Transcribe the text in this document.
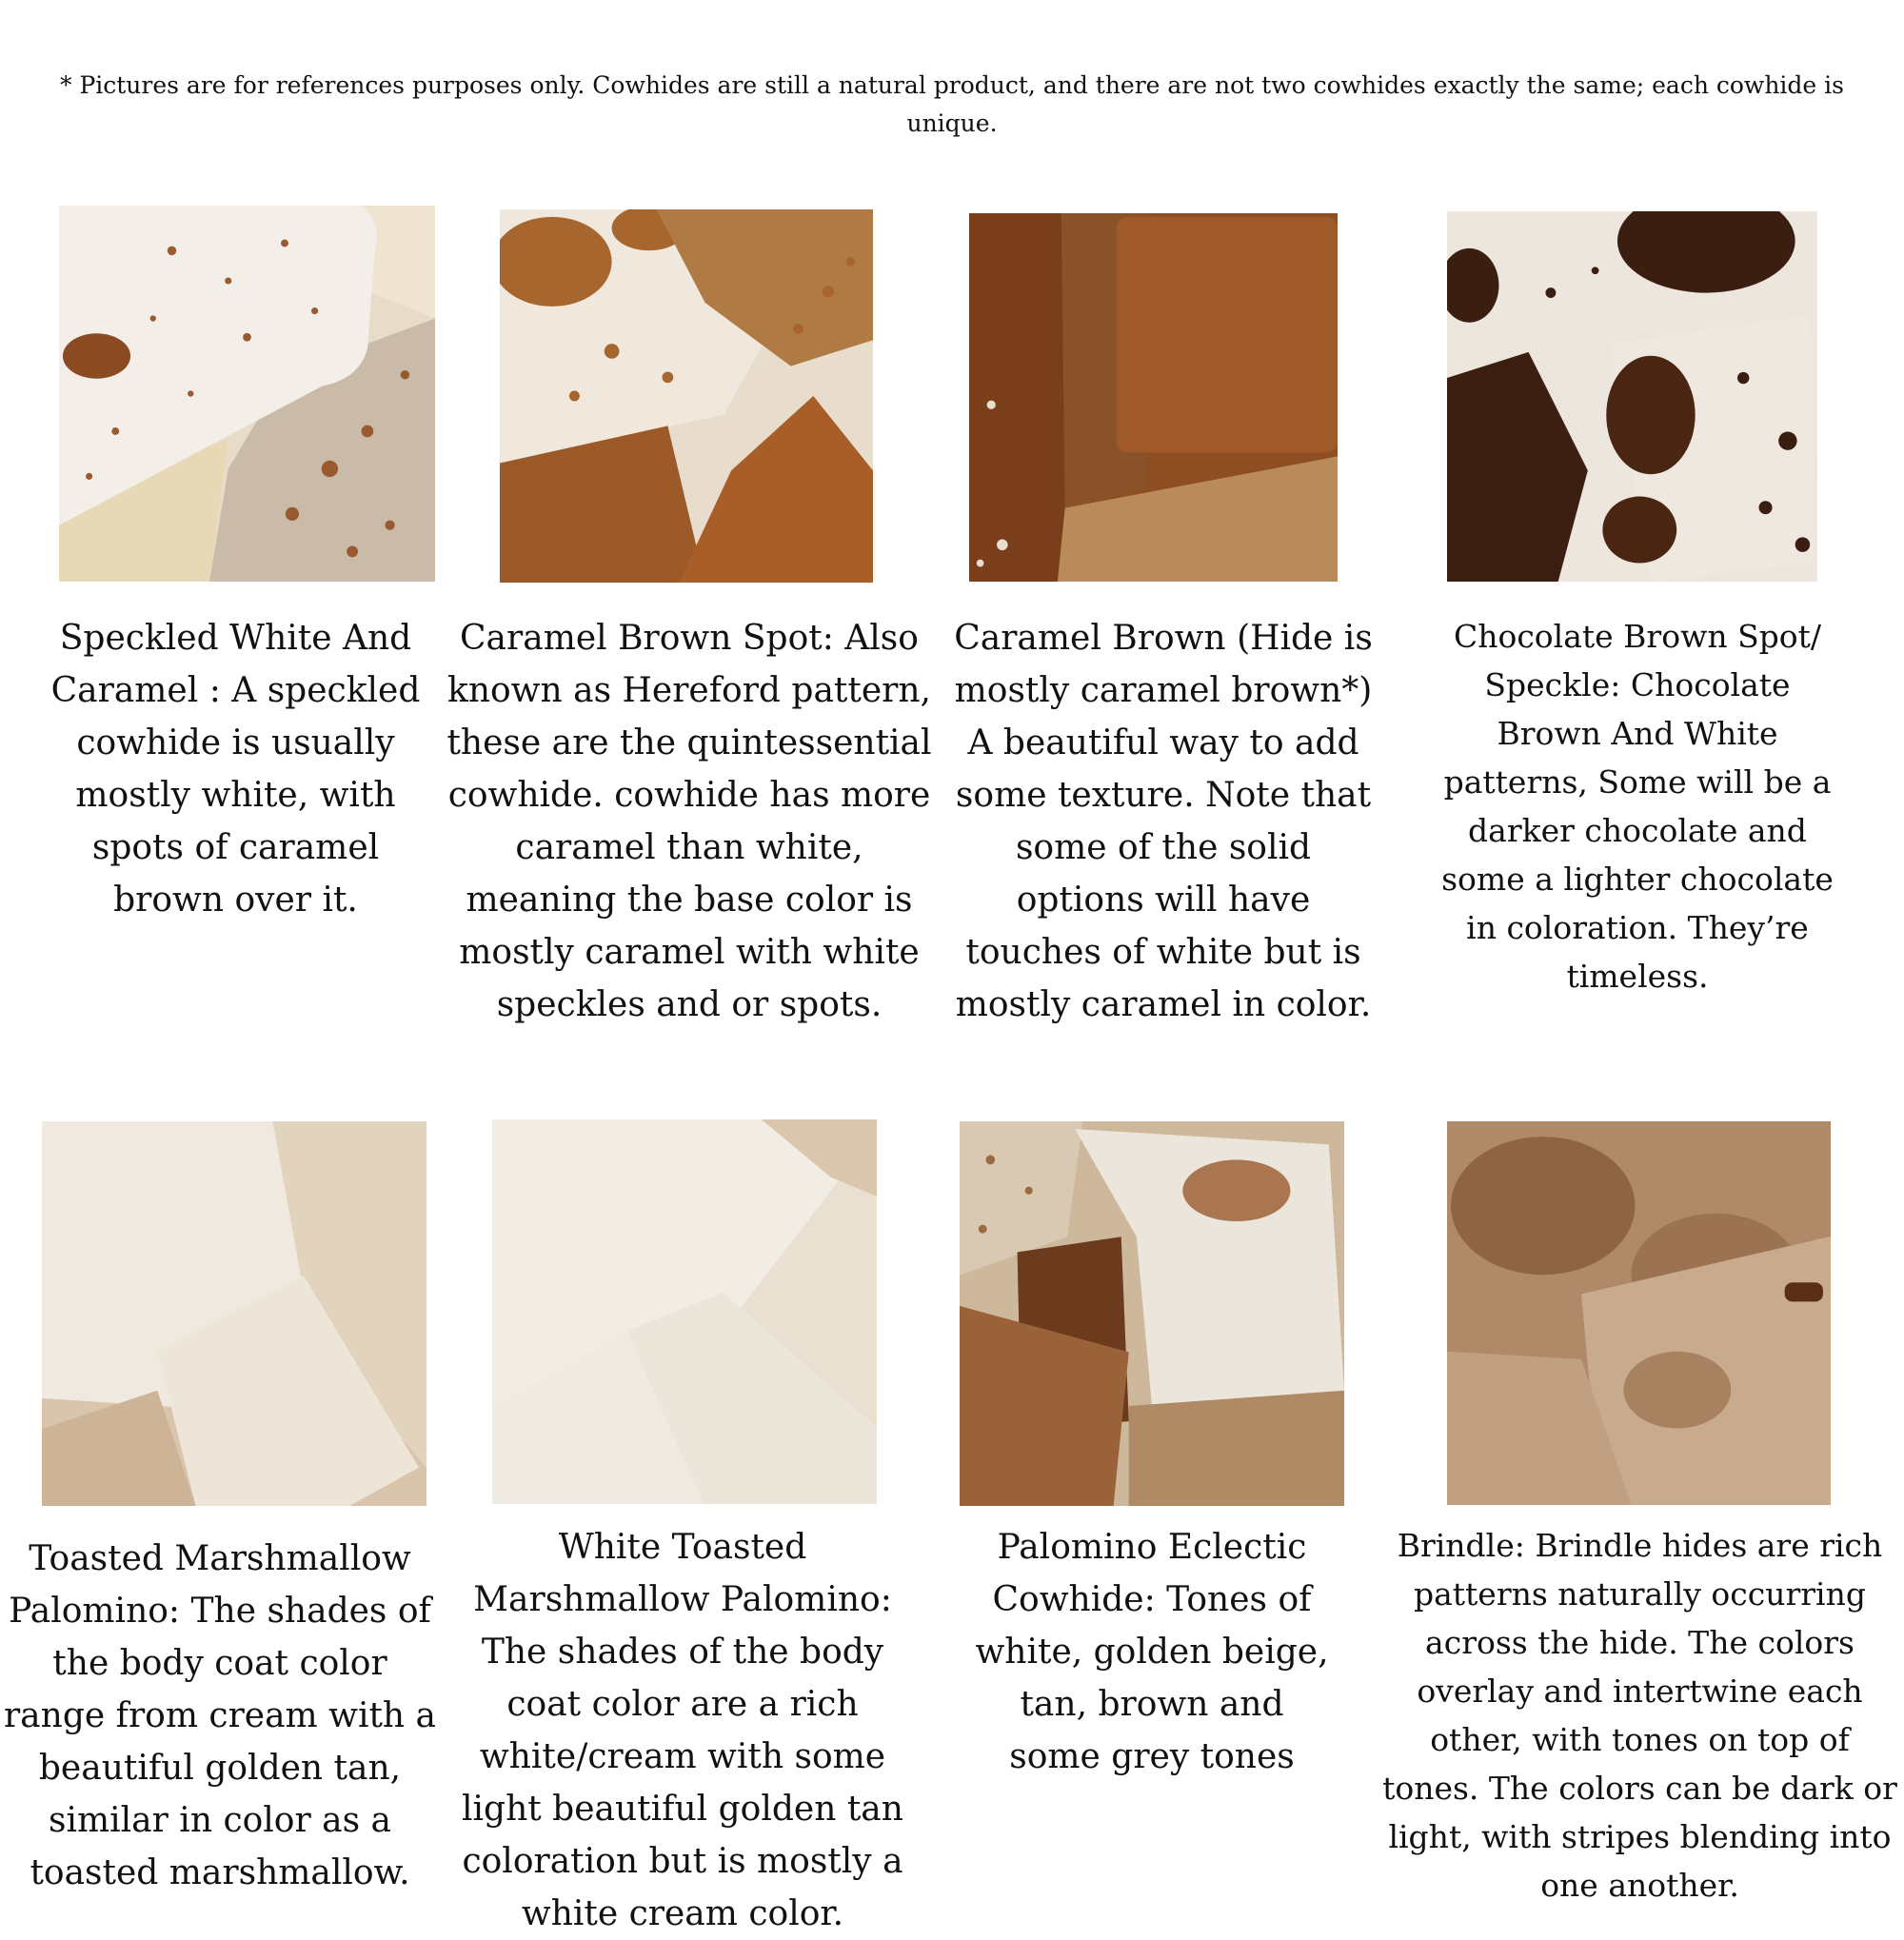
* Pictures are for references purposes only. Cowhides are still a natural product, and there are not two cowhides exactly the same; each cowhide is unique.
Speckled White And Caramel : A speckled cowhide is usually mostly white, with spots of caramel brown over it.
Caramel Brown Spot: Also known as Hereford pattern, these are the quintessential cowhide. cowhide has more caramel than white, meaning the base color is mostly caramel with white speckles and or spots.
Caramel Brown (Hide is mostly caramel brown*) A beautiful way to add some texture. Note that some of the solid options will have touches of white but is mostly caramel in color.
Chocolate Brown Spot/ Speckle: Chocolate Brown And White patterns, Some will be a darker chocolate and some a lighter chocolate in coloration. They’re timeless.
Toasted Marshmallow Palomino: The shades of the body coat color range from cream with a beautiful golden tan, similar in color as a toasted marshmallow.
White Toasted Marshmallow Palomino: The shades of the body coat color are a rich white/cream with some light beautiful golden tan coloration but is mostly a white cream color.
Palomino Eclectic Cowhide: Tones of white, golden beige, tan, brown and some grey tones
Brindle: Brindle hides are rich patterns naturally occurring across the hide. The colors overlay and intertwine each other, with tones on top of tones. The colors can be dark or light, with stripes blending into one another.
